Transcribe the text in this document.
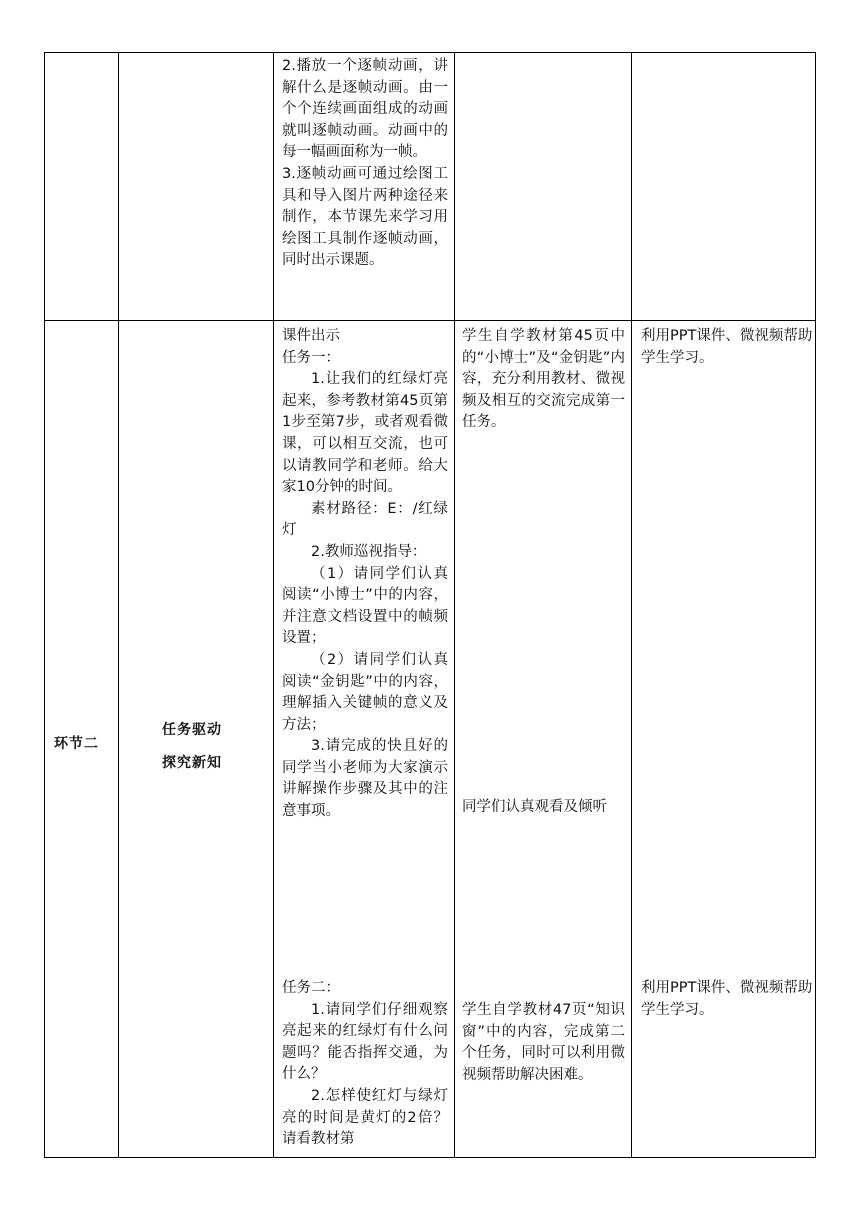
2.播放一个逐帧动画，讲解什么是逐帧动画。由一个个连续画面组成的动画就叫逐帧动画。动画中的每一幅画面称为一帧。

3.逐帧动画可通过绘图工具和导入图片两种途径来制作，本节课先来学习用绘图工具制作逐帧动画，同时出示课题。

环节二
任务驱动
探究新知

课件出示

任务一：

1.让我们的红绿灯亮起来，参考教材第45页第1步至第7步，或者观看微课，可以相互交流，也可以请教同学和老师。给大家10分钟的时间。

素材路径：E：/红绿灯

2.教师巡视指导：

（1）请同学们认真阅读“小博士”中的内容，并注意文档设置中的帧频设置；

（2）请同学们认真阅读“金钥匙”中的内容，理解插入关键帧的意义及方法；

3.请完成的快且好的同学当小老师为大家演示讲解操作步骤及其中的注意事项。

任务二：

1.请同学们仔细观察亮起来的红绿灯有什么问题吗？能否指挥交通，为什么？

2.怎样使红灯与绿灯亮的时间是黄灯的2倍？请看教材第

学生自学教材第45页中的“小博士”及“金钥匙”内容，充分利用教材、微视频及相互的交流完成第一任务。
同学们认真观看及倾听
学生自学教材47页“知识窗”中的内容，完成第二个任务，同时可以利用微视频帮助解决困难。
利用PPT课件、微视频帮助学生学习。
利用PPT课件、微视频帮助学生学习。
